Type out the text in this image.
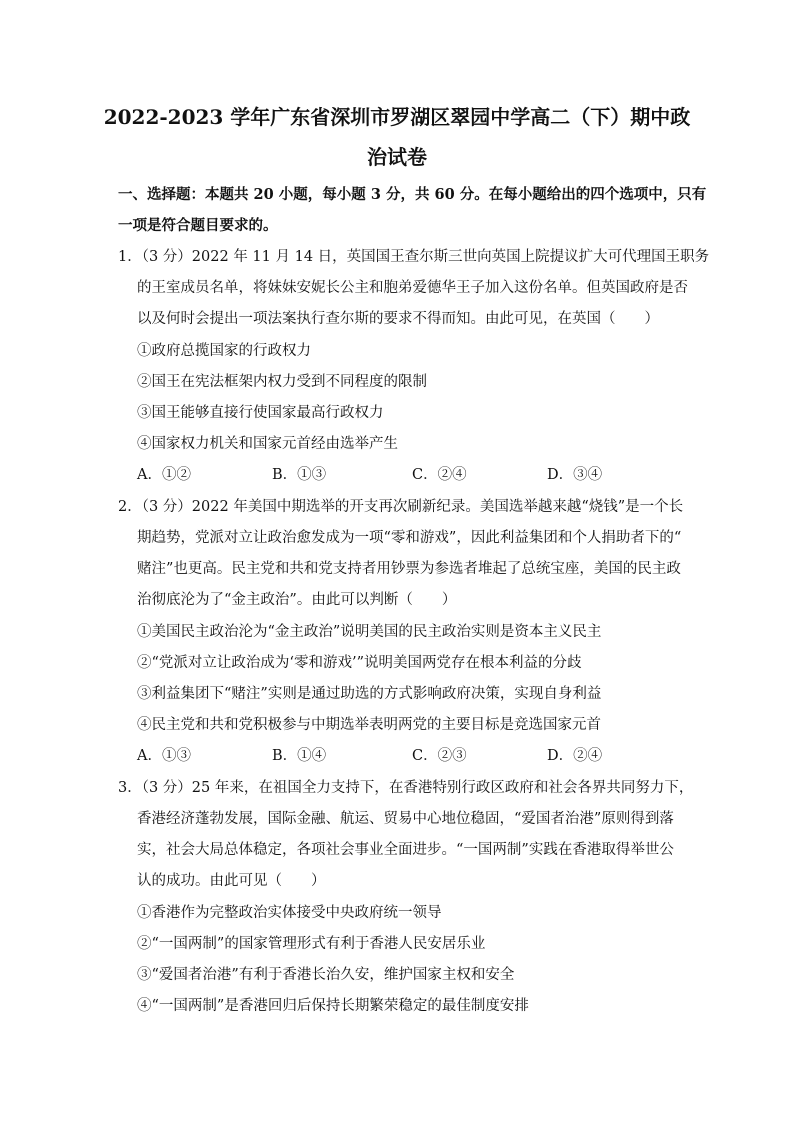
2022-2023 学年广东省深圳市罗湖区翠园中学高二（下）期中政
治试卷
一、选择题：本题共 20 小题，每小题 3 分，共 60 分。在每小题给出的四个选项中，只有
一项是符合题目要求的。
1．（3 分）2022 年 11 月 14 日，英国国王查尔斯三世向英国上院提议扩大可代理国王职务
的王室成员名单，将妹妹安妮长公主和胞弟爱德华王子加入这份名单。但英国政府是否
以及何时会提出一项法案执行查尔斯的要求不得而知。由此可见，在英国（　　）
①政府总揽国家的行政权力
②国王在宪法框架内权力受到不同程度的限制
③国王能够直接行使国家最高行政权力
④国家权力机关和国家元首经由选举产生
A．①②	B．①③	C．②④	D．③④
2．（3 分）2022 年美国中期选举的开支再次刷新纪录。美国选举越来越“烧钱”是一个长
期趋势，党派对立让政治愈发成为一项“零和游戏”，因此利益集团和个人捐助者下的“
赌注”也更高。民主党和共和党支持者用钞票为参选者堆起了总统宝座，美国的民主政
治彻底沦为了“金主政治”。由此可以判断（　　）
①美国民主政治沦为“金主政治”说明美国的民主政治实则是资本主义民主
②“党派对立让政治成为‘零和游戏’”说明美国两党存在根本利益的分歧
③利益集团下“赌注”实则是通过助选的方式影响政府决策，实现自身利益
④民主党和共和党积极参与中期选举表明两党的主要目标是竞选国家元首
A．①③	B．①④	C．②③	D．②④
3．（3 分）25 年来，在祖国全力支持下，在香港特别行政区政府和社会各界共同努力下，
香港经济蓬勃发展，国际金融、航运、贸易中心地位稳固，“爱国者治港”原则得到落
实，社会大局总体稳定，各项社会事业全面进步。“一国两制”实践在香港取得举世公
认的成功。由此可见（　　）
①香港作为完整政治实体接受中央政府统一领导
②“一国两制”的国家管理形式有利于香港人民安居乐业
③“爱国者治港”有利于香港长治久安，维护国家主权和安全
④“一国两制”是香港回归后保持长期繁荣稳定的最佳制度安排
